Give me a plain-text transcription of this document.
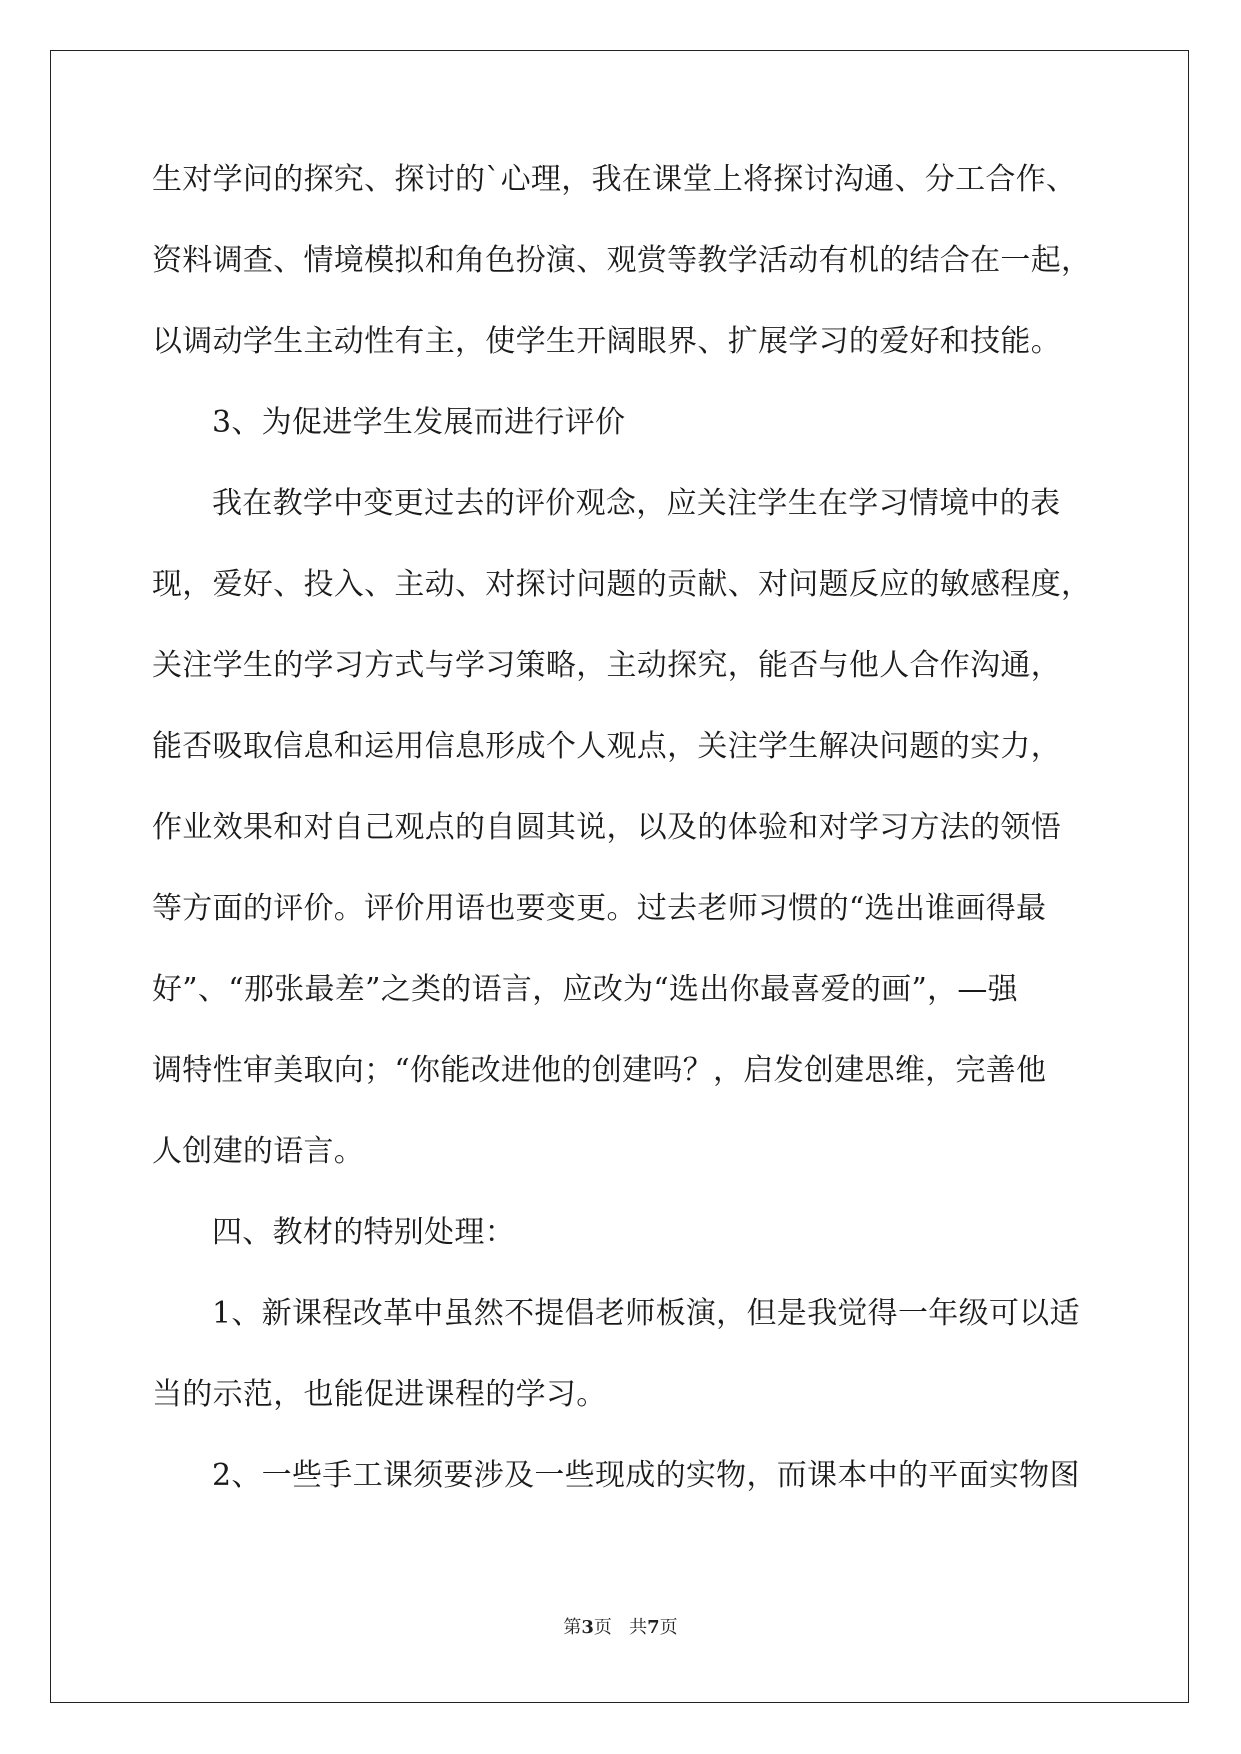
生对学问的探究、探讨的`心理，我在课堂上将探讨沟通、分工合作、
资料调查、情境模拟和角色扮演、观赏等教学活动有机的结合在一起，
以调动学生主动性有主，使学生开阔眼界、扩展学习的爱好和技能。
3、为促进学生发展而进行评价
我在教学中变更过去的评价观念，应关注学生在学习情境中的表
现，爱好、投入、主动、对探讨问题的贡献、对问题反应的敏感程度，
关注学生的学习方式与学习策略，主动探究，能否与他人合作沟通，
能否吸取信息和运用信息形成个人观点，关注学生解决问题的实力，
作业效果和对自己观点的自圆其说，以及的体验和对学习方法的领悟
等方面的评价。评价用语也要变更。过去老师习惯的“选出谁画得最
好”、“那张最差”之类的语言，应改为“选出你最喜爱的画”，—强
调特性审美取向；“你能改进他的创建吗？，启发创建思维，完善他
人创建的语言。
四、教材的特别处理：
1、新课程改革中虽然不提倡老师板演，但是我觉得一年级可以适
当的示范，也能促进课程的学习。
2、一些手工课须要涉及一些现成的实物，而课本中的平面实物图
第3页 共7页
